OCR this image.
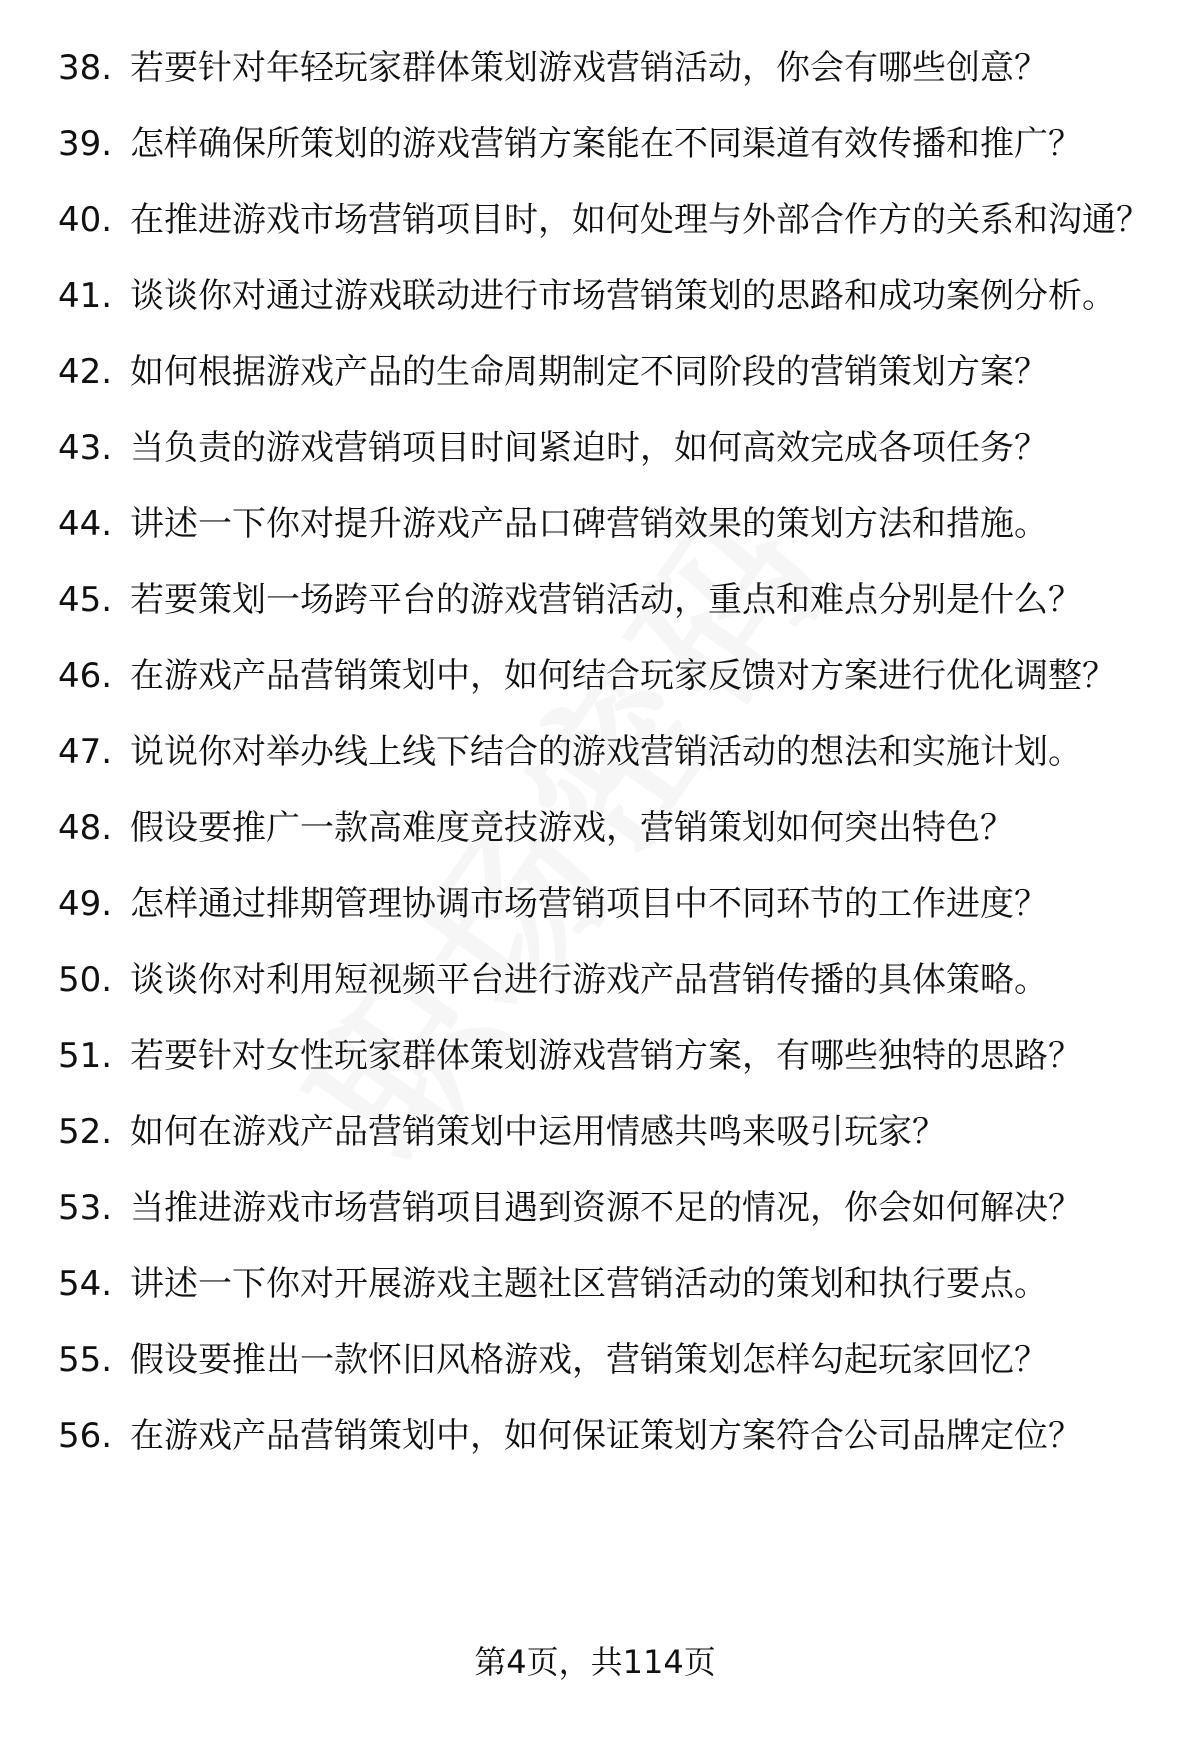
38. 若要针对年轻玩家群体策划游戏营销活动，你会有哪些创意？
39. 怎样确保所策划的游戏营销方案能在不同渠道有效传播和推广？
40. 在推进游戏市场营销项目时，如何处理与外部合作方的关系和沟通？
41. 谈谈你对通过游戏联动进行市场营销策划的思路和成功案例分析。
42. 如何根据游戏产品的生命周期制定不同阶段的营销策划方案？
43. 当负责的游戏营销项目时间紧迫时，如何高效完成各项任务？
44. 讲述一下你对提升游戏产品口碑营销效果的策划方法和措施。
45. 若要策划一场跨平台的游戏营销活动，重点和难点分别是什么？
46. 在游戏产品营销策划中，如何结合玩家反馈对方案进行优化调整？
47. 说说你对举办线上线下结合的游戏营销活动的想法和实施计划。
48. 假设要推广一款高难度竞技游戏，营销策划如何突出特色？
49. 怎样通过排期管理协调市场营销项目中不同环节的工作进度？
50. 谈谈你对利用短视频平台进行游戏产品营销传播的具体策略。
51. 若要针对女性玩家群体策划游戏营销方案，有哪些独特的思路？
52. 如何在游戏产品营销策划中运用情感共鸣来吸引玩家？
53. 当推进游戏市场营销项目遇到资源不足的情况，你会如何解决？
54. 讲述一下你对开展游戏主题社区营销活动的策划和执行要点。
55. 假设要推出一款怀旧风格游戏，营销策划怎样勾起玩家回忆？
56. 在游戏产品营销策划中，如何保证策划方案符合公司品牌定位？
第4页，共114页
